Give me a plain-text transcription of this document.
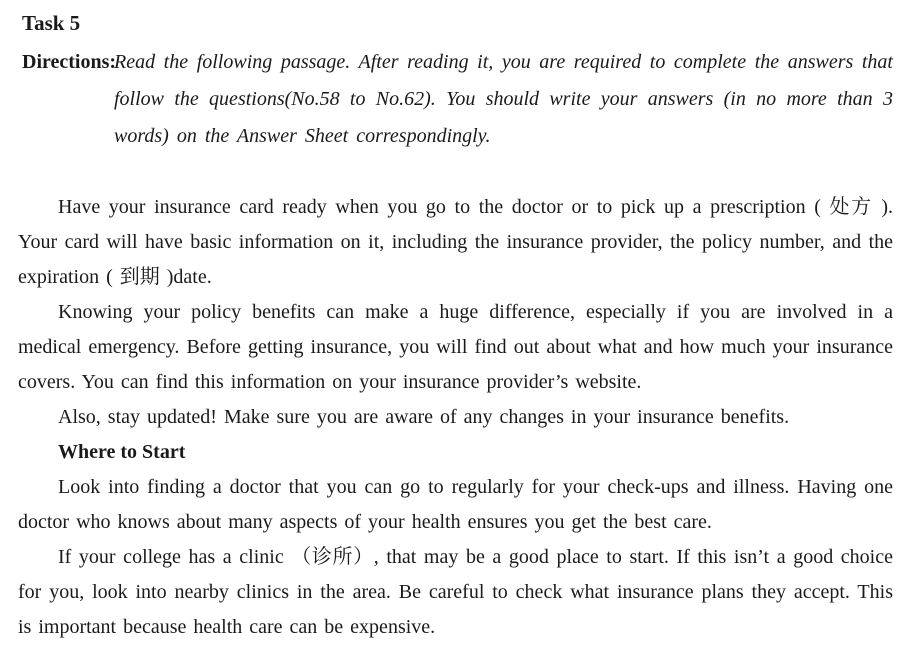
Task 5
Directions:

Read the following passage. After reading it, you are required to complete the answers that follow the questions(No.58 to No.62). You should write your answers (in no more than 3 words) on the Answer Sheet correspondingly.

Have your insurance card ready when you go to the doctor or to pick up a prescription ( 处方 ). Your card will have basic information on it, including the insurance provider, the policy number, and the expiration ( 到期 )date.

Knowing your policy benefits can make a huge difference, especially if you are involved in a medical emergency. Before getting insurance, you will find out about what and how much your insurance covers. You can find this information on your insurance provider’s website.

Also, stay updated! Make sure you are aware of any changes in your insurance benefits.

Where to Start

Look into finding a doctor that you can go to regularly for your check-ups and illness. Having one doctor who knows about many aspects of your health ensures you get the best care.

If your college has a clinic （诊所）, that may be a good place to start. If this isn’t a good choice for you, look into nearby clinics in the area. Be careful to check what insurance plans they accept. This is important because health care can be expensive.
